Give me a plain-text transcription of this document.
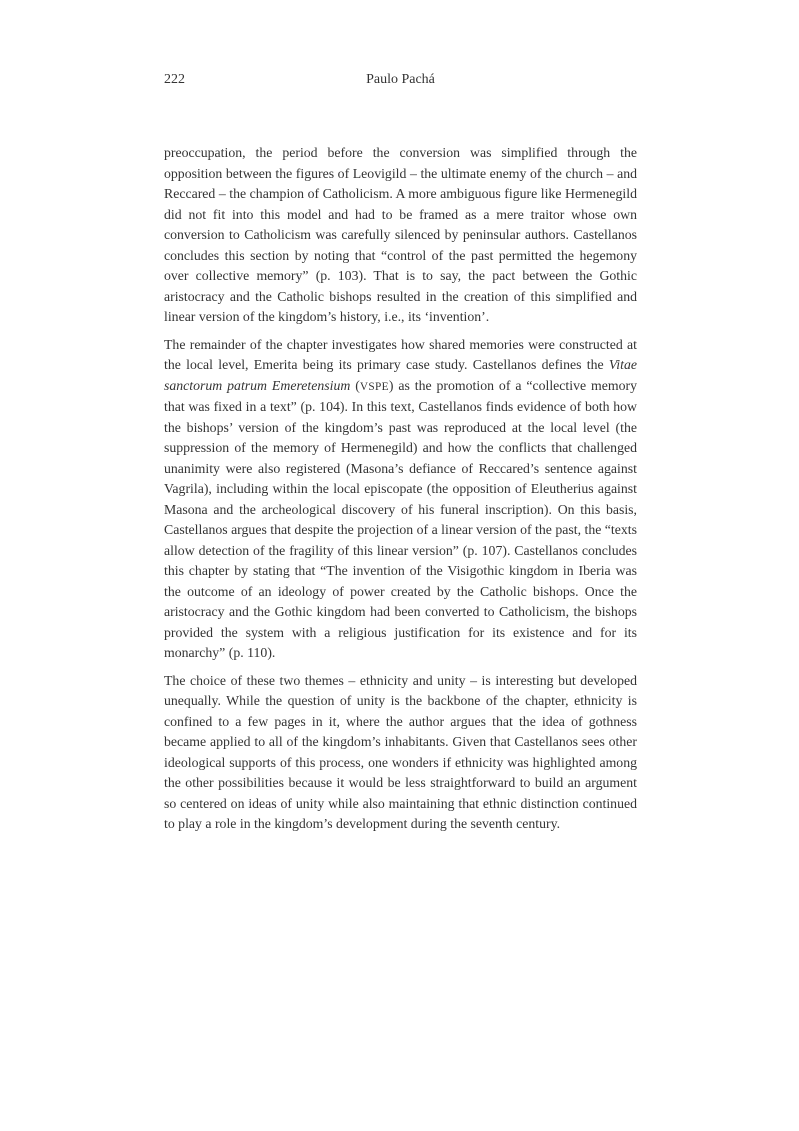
222	Paulo Pachá

preoccupation, the period before the conversion was simplified through the opposition between the figures of Leovigild – the ultimate enemy of the church – and Reccared – the champion of Catholicism. A more ambiguous figure like Hermenegild did not fit into this model and had to be framed as a mere traitor whose own conversion to Catholicism was carefully silenced by peninsular authors. Castellanos concludes this section by noting that “control of the past permitted the hegemony over collective memory” (p. 103). That is to say, the pact between the Gothic aristocracy and the Catholic bishops resulted in the creation of this simplified and linear version of the kingdom’s history, i.e., its ‘invention’.

The remainder of the chapter investigates how shared memories were constructed at the local level, Emerita being its primary case study. Castellanos defines the Vitae sanctorum patrum Emeretensium (VSPE) as the promotion of a “collective memory that was fixed in a text” (p. 104). In this text, Castellanos finds evidence of both how the bishops’ version of the kingdom’s past was reproduced at the local level (the suppression of the memory of Hermenegild) and how the conflicts that challenged unanimity were also registered (Masona’s defiance of Reccared’s sentence against Vagrila), including within the local episcopate (the opposition of Eleutherius against Masona and the archeological discovery of his funeral inscription). On this basis, Castellanos argues that despite the projection of a linear version of the past, the “texts allow detection of the fragility of this linear version” (p. 107). Castellanos concludes this chapter by stating that “The invention of the Visigothic kingdom in Iberia was the outcome of an ideology of power created by the Catholic bishops. Once the aristocracy and the Gothic kingdom had been converted to Catholicism, the bishops provided the system with a religious justification for its existence and for its monarchy” (p. 110).

The choice of these two themes – ethnicity and unity – is interesting but developed unequally. While the question of unity is the backbone of the chapter, ethnicity is confined to a few pages in it, where the author argues that the idea of gothness became applied to all of the kingdom’s inhabitants. Given that Castellanos sees other ideological supports of this process, one wonders if ethnicity was highlighted among the other possibilities because it would be less straightforward to build an argument so centered on ideas of unity while also maintaining that ethnic distinction continued to play a role in the kingdom’s development during the seventh century.
